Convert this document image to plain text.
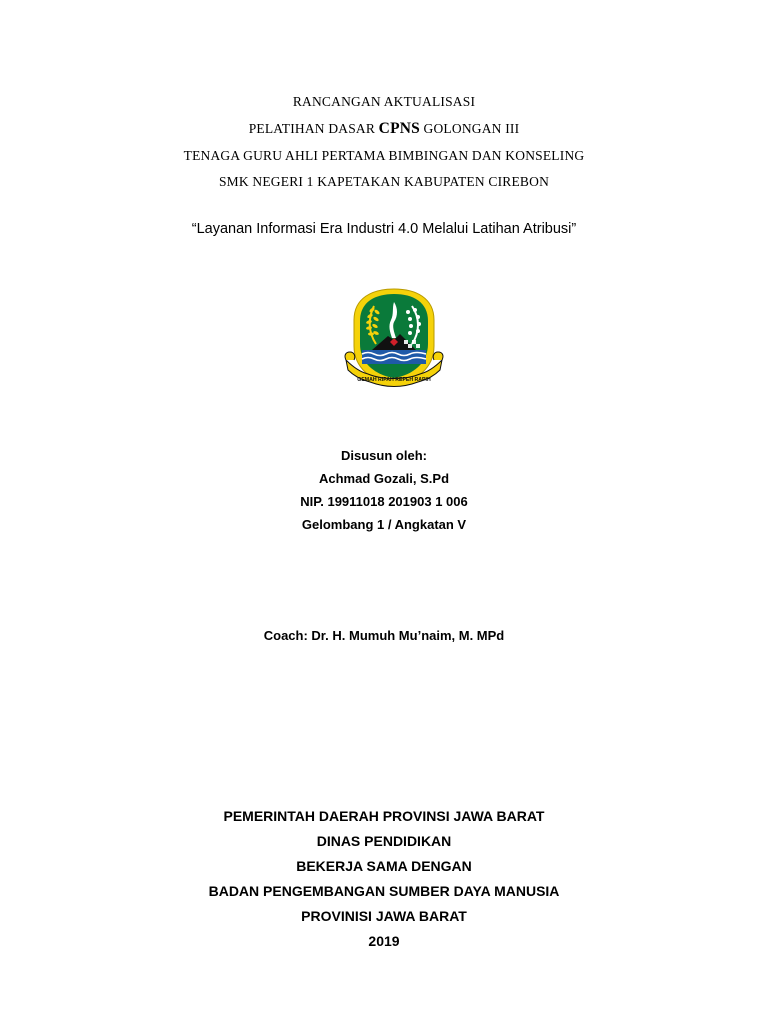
RANCANGAN AKTUALISASI
PELATIHAN DASAR CPNS GOLONGAN III
TENAGA GURU AHLI PERTAMA BIMBINGAN DAN KONSELING
SMK NEGERI 1 KAPETAKAN KABUPATEN CIREBON
“Layanan Informasi Era Industri 4.0 Melalui Latihan Atribusi”
GEMAH RIPAH REPEH RAPIH
Disusun oleh:
Achmad Gozali, S.Pd
NIP. 19911018 201903 1 006
Gelombang 1 / Angkatan V
Coach: Dr. H. Mumuh Mu’naim, M. MPd
PEMERINTAH DAERAH PROVINSI JAWA BARAT
DINAS PENDIDIKAN
BEKERJA SAMA DENGAN
BADAN PENGEMBANGAN SUMBER DAYA MANUSIA
PROVINISI JAWA BARAT
2019
